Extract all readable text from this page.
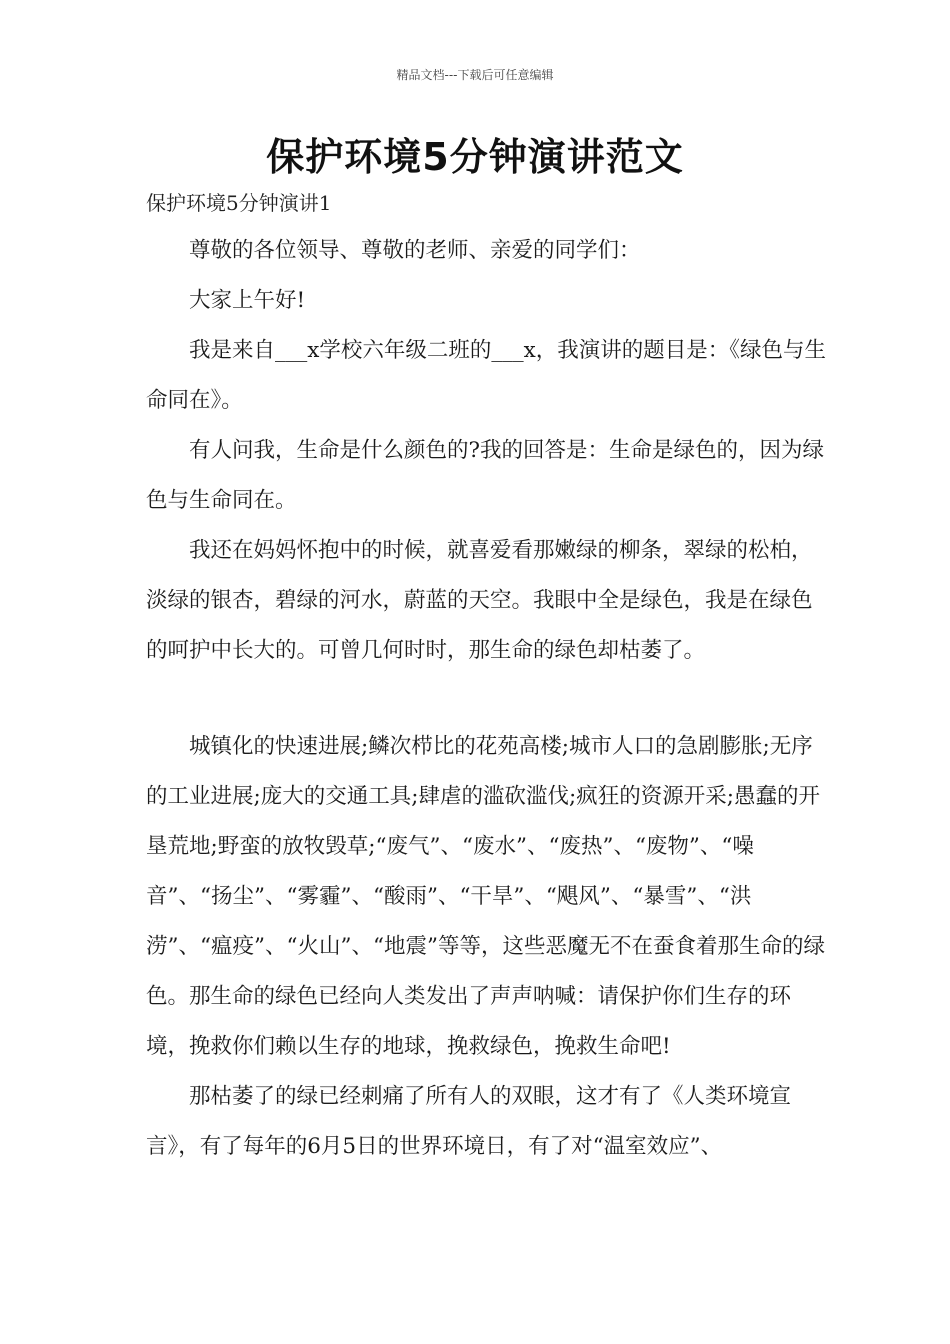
精品文档---下载后可任意编辑
保护环境5分钟演讲范文
保护环境5分钟演讲1

尊敬的各位领导、尊敬的老师、亲爱的同学们：

大家上午好!

我是来自___x学校六年级二班的___x，我演讲的题目是：《绿色与生命同在》。

有人问我，生命是什么颜色的?我的回答是：生命是绿色的，因为绿色与生命同在。

我还在妈妈怀抱中的时候，就喜爱看那嫩绿的柳条，翠绿的松柏，淡绿的银杏，碧绿的河水，蔚蓝的天空。我眼中全是绿色，我是在绿色的呵护中长大的。可曾几何时时，那生命的绿色却枯萎了。

城镇化的快速进展;鳞次栉比的花苑高楼;城市人口的急剧膨胀;无序的工业进展;庞大的交通工具;肆虐的滥砍滥伐;疯狂的资源开采;愚蠢的开垦荒地;野蛮的放牧毁草;“废气”、“废水”、“废热”、“废物”、“噪音”、“扬尘”、“雾霾”、“酸雨”、“干旱”、“飓风”、“暴雪”、“洪涝”、“瘟疫”、“火山”、“地震”等等，这些恶魔无不在蚕食着那生命的绿色。那生命的绿色已经向人类发出了声声呐喊：请保护你们生存的环境，挽救你们赖以生存的地球，挽救绿色，挽救生命吧!

那枯萎了的绿已经刺痛了所有人的双眼，这才有了《人类环境宣言》，有了每年的6月5日的世界环境日，有了对“温室效应”、
